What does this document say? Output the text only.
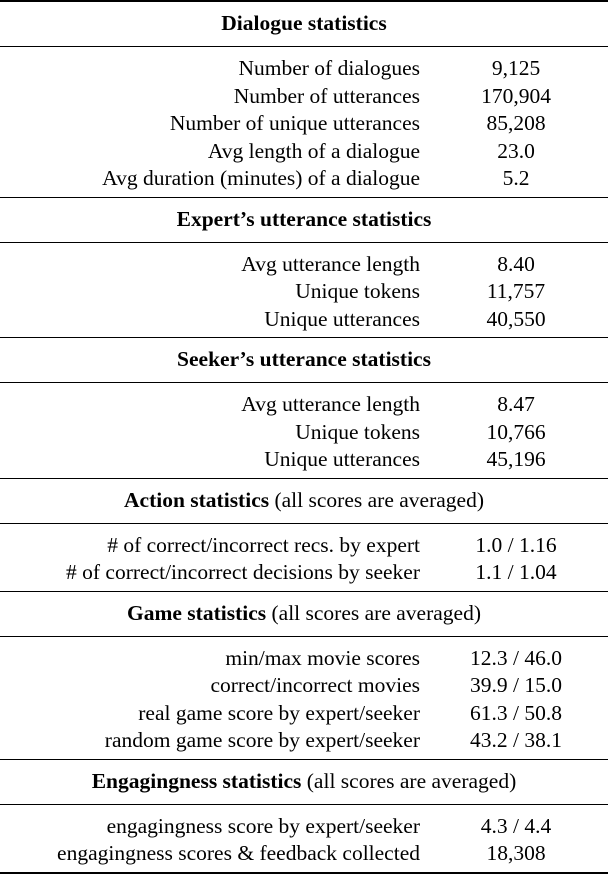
Dialogue statistics	
Number of dialogues	9,125
Number of utterances	170,904
Number of unique utterances	85,208
Avg length of a dialogue	23.0
Avg duration (minutes) of a dialogue	5.2
Expert’s utterance statistics	
Avg utterance length	8.40
Unique tokens	11,757
Unique utterances	40,550
Seeker’s utterance statistics	
Avg utterance length	8.47
Unique tokens	10,766
Unique utterances	45,196
Action statistics (all scores are averaged)	
# of correct/incorrect recs. by expert	1.0 / 1.16
# of correct/incorrect decisions by seeker	1.1 / 1.04
Game statistics (all scores are averaged)	
min/max movie scores	12.3 / 46.0
correct/incorrect movies	39.9 / 15.0
real game score by expert/seeker	61.3 / 50.8
random game score by expert/seeker	43.2 / 38.1
Engagingness statistics (all scores are averaged)	
engagingness score by expert/seeker	4.3 / 4.4
engagingness scores & feedback collected	18,308
